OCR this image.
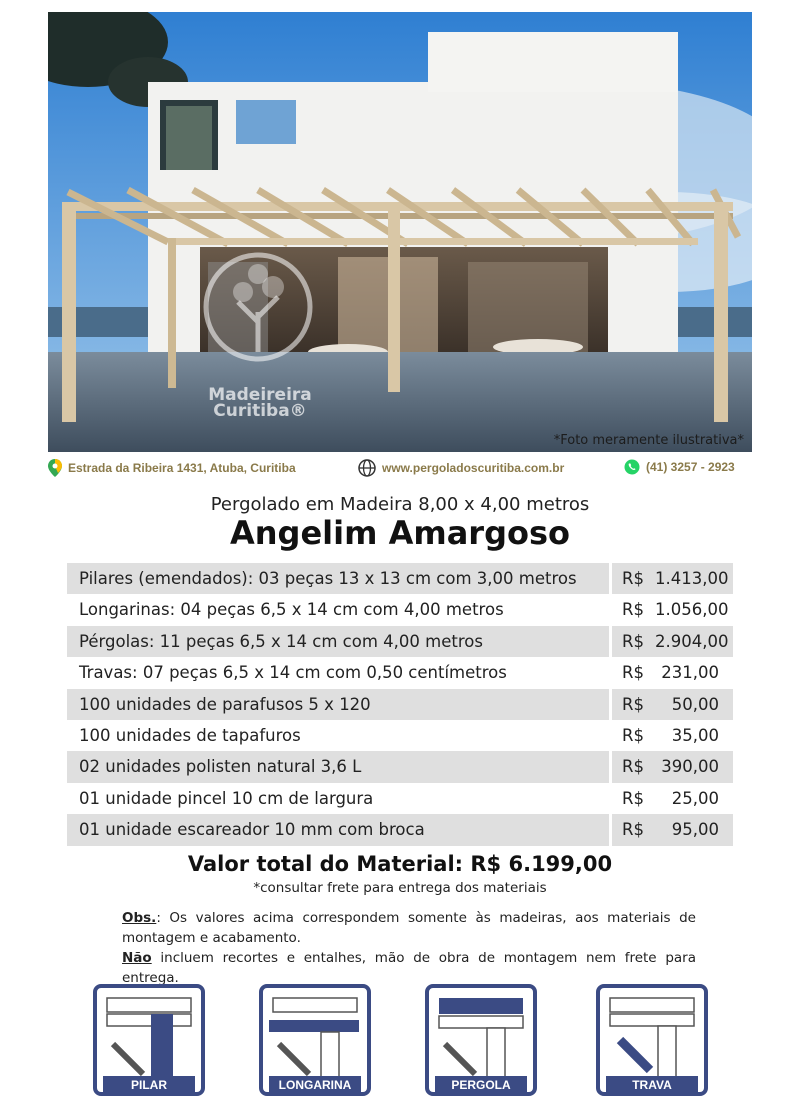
Madeireira
Curitiba®
*Foto meramente ilustrativa*
Estrada da Ribeira 1431, Atuba, Curitiba	www.pergoladoscuritiba.com.br	(41) 3257 - 2923
Pergolado em Madeira 8,00 x 4,00 metros
Angelim Amargoso
Pilares (emendados): 03 peças 13 x 13 cm com 3,00 metros	R$ 1.413,00
Longarinas: 04 peças 6,5 x 14 cm com 4,00 metros	R$ 1.056,00
Pérgolas: 11 peças 6,5 x 14 cm com 4,00 metros	R$ 2.904,00
Travas: 07 peças 6,5 x 14 cm com 0,50 centímetros	R$	231,00
100 unidades de parafusos 5 x 120	R$	50,00
100 unidades de tapafuros	R$	35,00
02 unidades polisten natural 3,6 L	R$	390,00
01 unidade pincel 10 cm de largura	R$	25,00
01 unidade escareador 10 mm com broca	R$	95,00
Valor total do Material: R$ 6.199,00
*consultar frete para entrega dos materiais
Obs.: Os valores acima correspondem somente às madeiras, aos materiais de montagem e acabamento.
Não incluem recortes e entalhes, mão de obra de montagem nem frete para entrega.
PILAR	LONGARINA	PERGOLA	TRAVA
